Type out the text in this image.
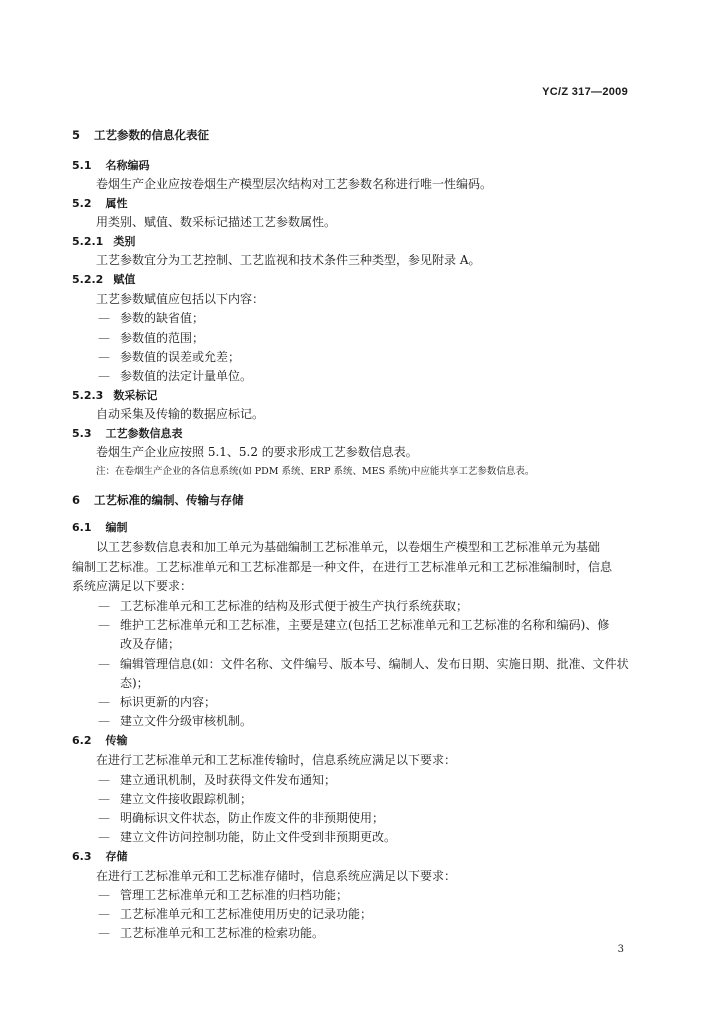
YC/Z 317—2009
5 工艺参数的信息化表征
5.1 名称编码
卷烟生产企业应按卷烟生产模型层次结构对工艺参数名称进行唯一性编码。
5.2 属性
用类别、赋值、数采标记描述工艺参数属性。
5.2.1 类别
工艺参数宜分为工艺控制、工艺监视和技术条件三种类型，参见附录 A。
5.2.2 赋值
工艺参数赋值应包括以下内容：
— 参数的缺省值；
— 参数值的范围；
— 参数值的误差或允差；
— 参数值的法定计量单位。
5.2.3 数采标记
自动采集及传输的数据应标记。
5.3 工艺参数信息表
卷烟生产企业应按照 5.1、5.2 的要求形成工艺参数信息表。
注：在卷烟生产企业的各信息系统(如 PDM 系统、ERP 系统、MES 系统)中应能共享工艺参数信息表。
6 工艺标准的编制、传输与存储
6.1 编制
以工艺参数信息表和加工单元为基础编制工艺标准单元，以卷烟生产模型和工艺标准单元为基础
编制工艺标准。工艺标准单元和工艺标准都是一种文件，在进行工艺标准单元和工艺标准编制时，信息
系统应满足以下要求：
— 工艺标准单元和工艺标准的结构及形式便于被生产执行系统获取；
— 维护工艺标准单元和工艺标准，主要是建立(包括工艺标准单元和工艺标准的名称和编码)、修
改及存储；
— 编辑管理信息(如：文件名称、文件编号、版本号、编制人、发布日期、实施日期、批准、文件状
态)；
— 标识更新的内容；
— 建立文件分级审核机制。
6.2 传输
在进行工艺标准单元和工艺标准传输时，信息系统应满足以下要求：
— 建立通讯机制，及时获得文件发布通知；
— 建立文件接收跟踪机制；
— 明确标识文件状态，防止作废文件的非预期使用；
— 建立文件访问控制功能，防止文件受到非预期更改。
6.3 存储
在进行工艺标准单元和工艺标准存储时，信息系统应满足以下要求：
— 管理工艺标准单元和工艺标准的归档功能；
— 工艺标准单元和工艺标准使用历史的记录功能；
— 工艺标准单元和工艺标准的检索功能。
3
